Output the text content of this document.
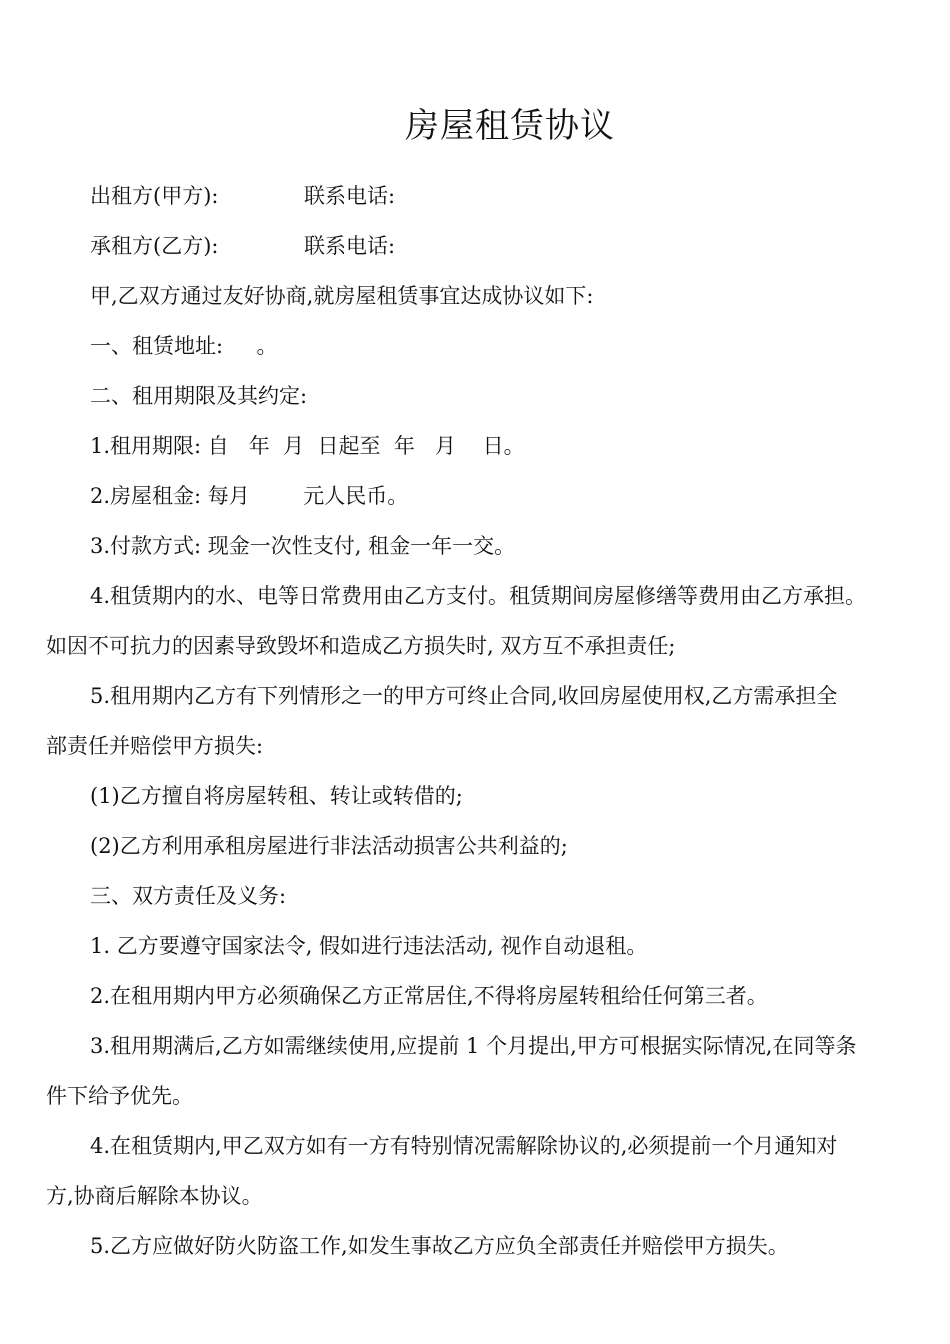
房屋租赁协议
出租方(甲方):	联系电话:
承租方(乙方):	联系电话:
甲,乙双方通过友好协商,就房屋租赁事宜达成协议如下:
一、租赁地址:     。
二、租用期限及其约定:
1.租用期限: 自   年  月  日起至  年   月    日。
2.房屋租金: 每月        元人民币。
3.付款方式: 现金一次性支付, 租金一年一交。
4.租赁期内的水、电等日常费用由乙方支付。租赁期间房屋修缮等费用由乙方承担。
如因不可抗力的因素导致毁坏和造成乙方损失时, 双方互不承担责任;
5.租用期内乙方有下列情形之一的甲方可终止合同,收回房屋使用权,乙方需承担全
部责任并赔偿甲方损失:
(1)乙方擅自将房屋转租、转让或转借的;
(2)乙方利用承租房屋进行非法活动损害公共利益的;
三、双方责任及义务:
1. 乙方要遵守国家法令, 假如进行违法活动, 视作自动退租。
2.在租用期内甲方必须确保乙方正常居住,不得将房屋转租给任何第三者。
3.租用期满后,乙方如需继续使用,应提前 1 个月提出,甲方可根据实际情况,在同等条
件下给予优先。
4.在租赁期内,甲乙双方如有一方有特别情况需解除协议的,必须提前一个月通知对
方,协商后解除本协议。
5.乙方应做好防火防盗工作,如发生事故乙方应负全部责任并赔偿甲方损失。
